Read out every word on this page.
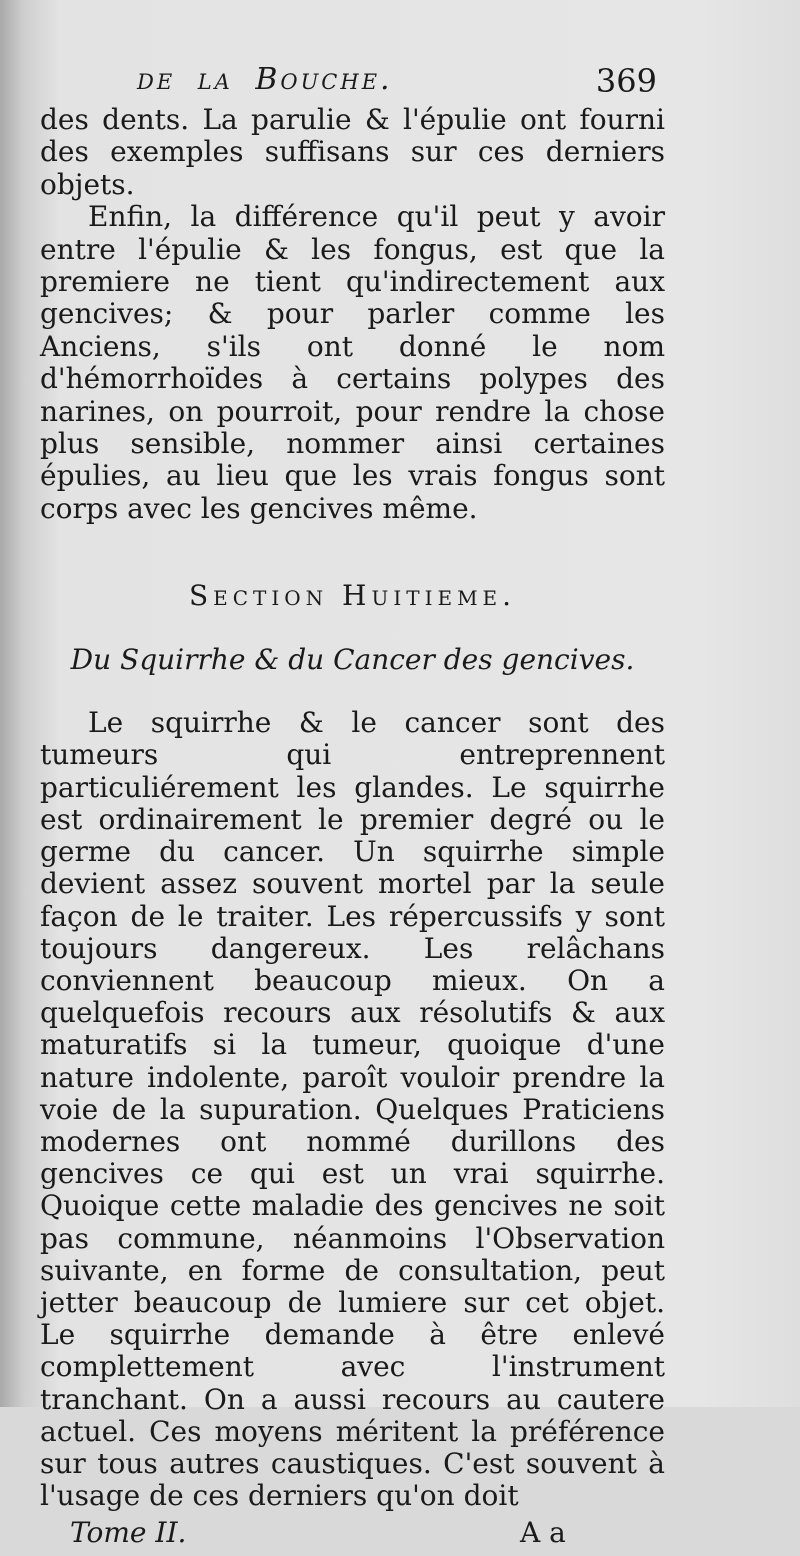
de la Bouche.	369

des dents. La parulie & l'épulie ont fourni des exemples suffisans sur ces derniers objets.

Enfin, la différence qu'il peut y avoir entre l'épulie & les fongus, est que la premiere ne tient qu'indirectement aux gencives; & pour parler comme les Anciens, s'ils ont donné le nom d'hémorrhoïdes à certains polypes des narines, on pourroit, pour rendre la chose plus sensible, nommer ainsi certaines épulies, au lieu que les vrais fongus sont corps avec les gencives même.

Section Huitieme.
Du Squirrhe & du Cancer des gencives.

Le squirrhe & le cancer sont des tumeurs qui entreprennent particuliérement les glandes. Le squirrhe est ordinairement le premier degré ou le germe du cancer. Un squirrhe simple devient assez souvent mortel par la seule façon de le traiter. Les répercussifs y sont toujours dangereux. Les relâchans conviennent beaucoup mieux. On a quelquefois recours aux résolutifs & aux maturatifs si la tumeur, quoique d'une nature indolente, paroît vouloir prendre la voie de la supuration. Quelques Praticiens modernes ont nommé durillons des gencives ce qui est un vrai squirrhe. Quoique cette maladie des gencives ne soit pas commune, néanmoins l'Observation suivante, en forme de consultation, peut jetter beaucoup de lumiere sur cet objet. Le squirrhe demande à être enlevé complettement avec l'instrument tranchant. On a aussi recours au cautere actuel. Ces moyens méritent la préférence sur tous autres caustiques. C'est souvent à l'usage de ces derniers qu'on doit

Tome II.	A a
